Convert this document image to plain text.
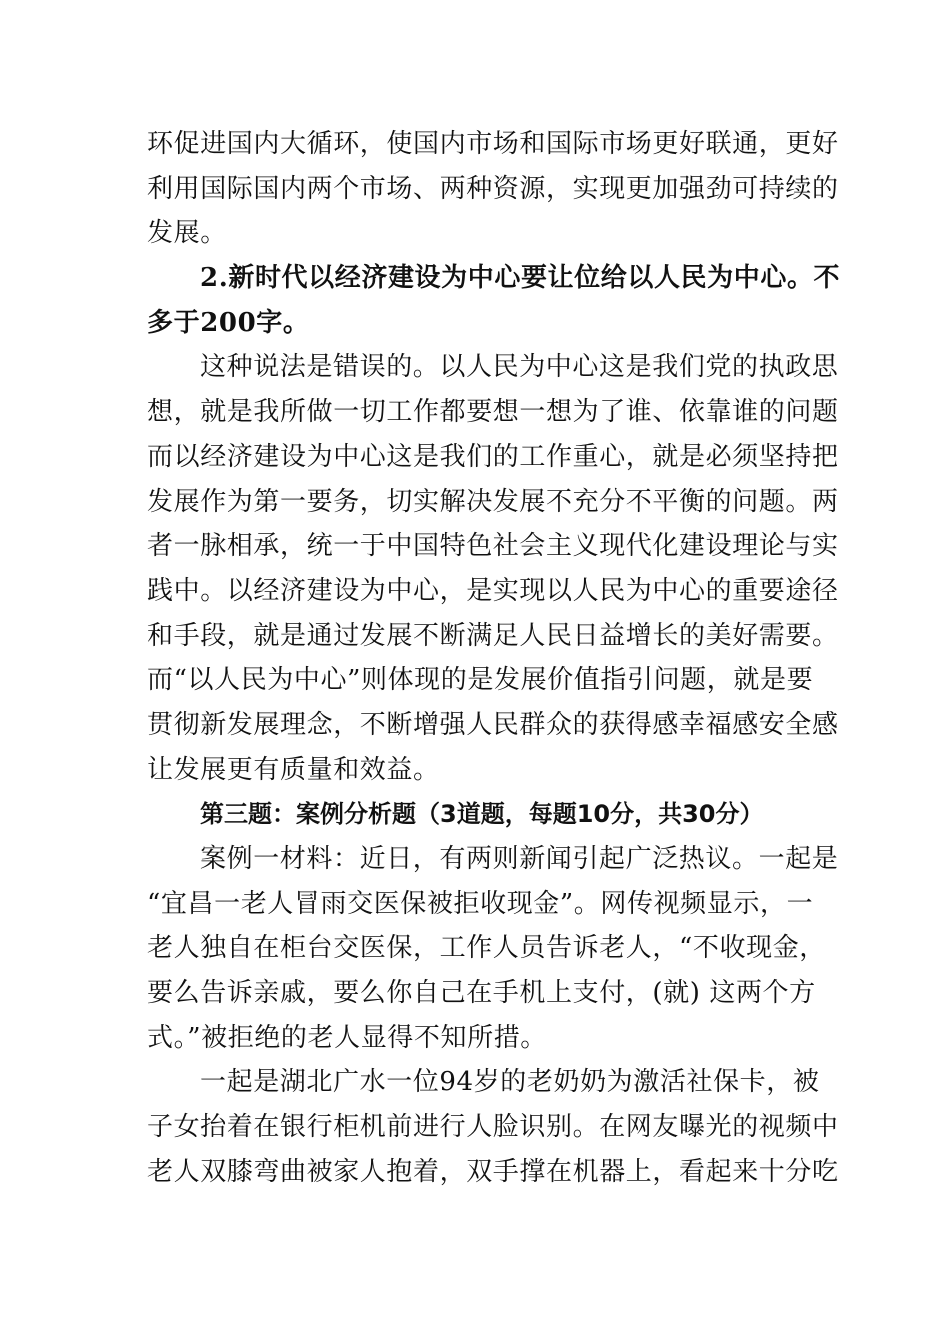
环促进国内大循环，使国内市场和国际市场更好联通，更好
利用国际国内两个市场、两种资源，实现更加强劲可持续的
发展。
2.新时代以经济建设为中心要让位给以人民为中心。不
多于200字。
这种说法是错误的。以人民为中心这是我们党的执政思
想，就是我所做一切工作都要想一想为了谁、依靠谁的问题
而以经济建设为中心这是我们的工作重心，就是必须坚持把
发展作为第一要务，切实解决发展不充分不平衡的问题。两
者一脉相承，统一于中国特色社会主义现代化建设理论与实
践中。以经济建设为中心，是实现以人民为中心的重要途径
和手段，就是通过发展不断满足人民日益增长的美好需要。
而“以人民为中心”则体现的是发展价值指引问题，就是要
贯彻新发展理念，不断增强人民群众的获得感幸福感安全感
让发展更有质量和效益。
第三题：案例分析题（3道题，每题10分，共30分）
案例一材料：近日，有两则新闻引起广泛热议。一起是
“宜昌一老人冒雨交医保被拒收现金”。网传视频显示，一
老人独自在柜台交医保，工作人员告诉老人，“不收现金，
要么告诉亲戚，要么你自己在手机上支付，(就) 这两个方
式。”被拒绝的老人显得不知所措。
一起是湖北广水一位94岁的老奶奶为激活社保卡，被
子女抬着在银行柜机前进行人脸识别。在网友曝光的视频中
老人双膝弯曲被家人抱着，双手撑在机器上，看起来十分吃
